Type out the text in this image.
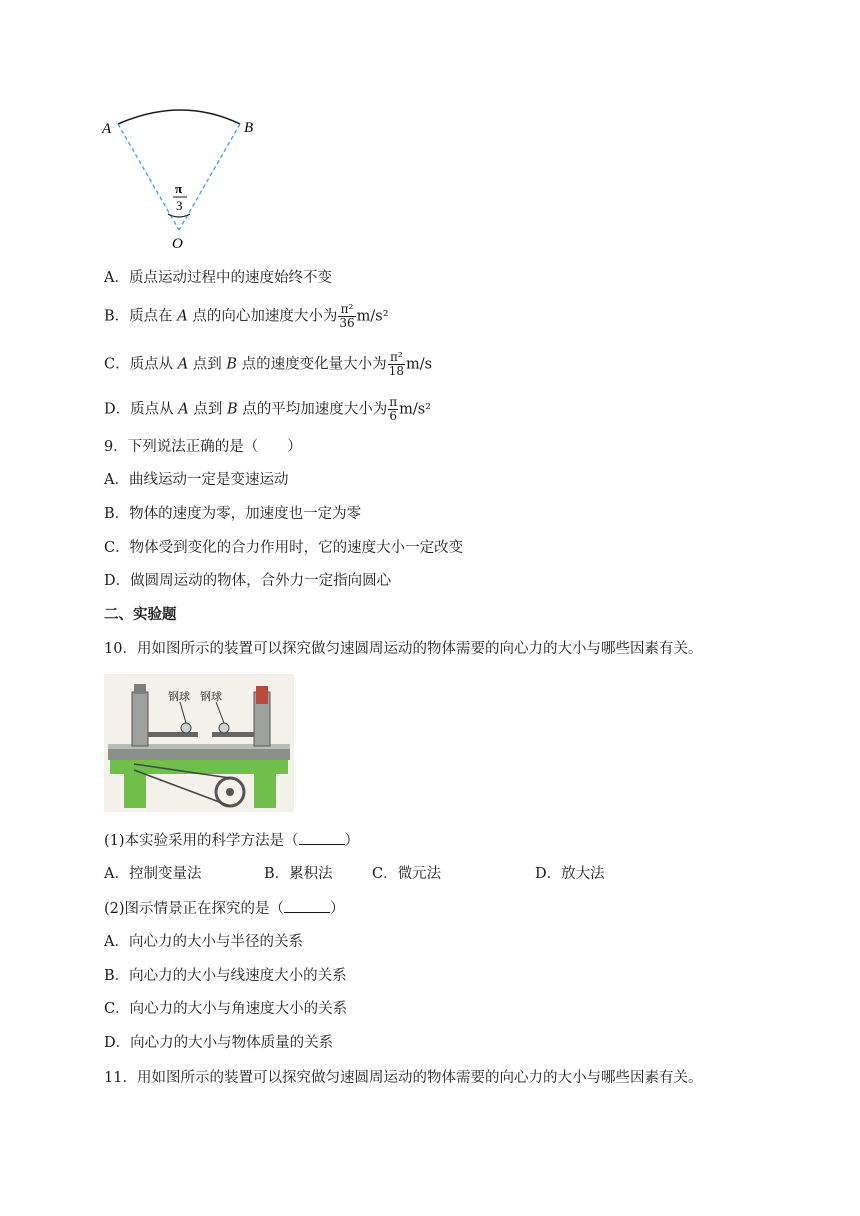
A	B
O
π
3
A．质点运动过程中的速度始终不变
B．质点在 A 点的向心加速度大小为 $\frac{\text{π²}}{36} m/s^2$
C．质点从 A 点到 B 点的速度变化量大小为 $\frac{\text{π²}}{18} m/s$
D．质点从 A 点到 B 点的平均加速度大小为 $\frac{\pi}{6} m/s^2$
9．下列说法正确的是（　　）
A．曲线运动一定是变速运动
B．物体的速度为零，加速度也一定为零
C．物体受到变化的合力作用时，它的速度大小一定改变
D．做圆周运动的物体，合外力一定指向圆心
二、实验题
10．用如图所示的装置可以探究做匀速圆周运动的物体需要的向心力的大小与哪些因素有关。
钢球 钢球
(1)本实验采用的科学方法是（	）
A．控制变量法	B．累积法	C．微元法	D．放大法
(2)图示情景正在探究的是（	）
A．向心力的大小与半径的关系
B．向心力的大小与线速度大小的关系
C．向心力的大小与角速度大小的关系
D．向心力的大小与物体质量的关系
11．用如图所示的装置可以探究做匀速圆周运动的物体需要的向心力的大小与哪些因素有关。
